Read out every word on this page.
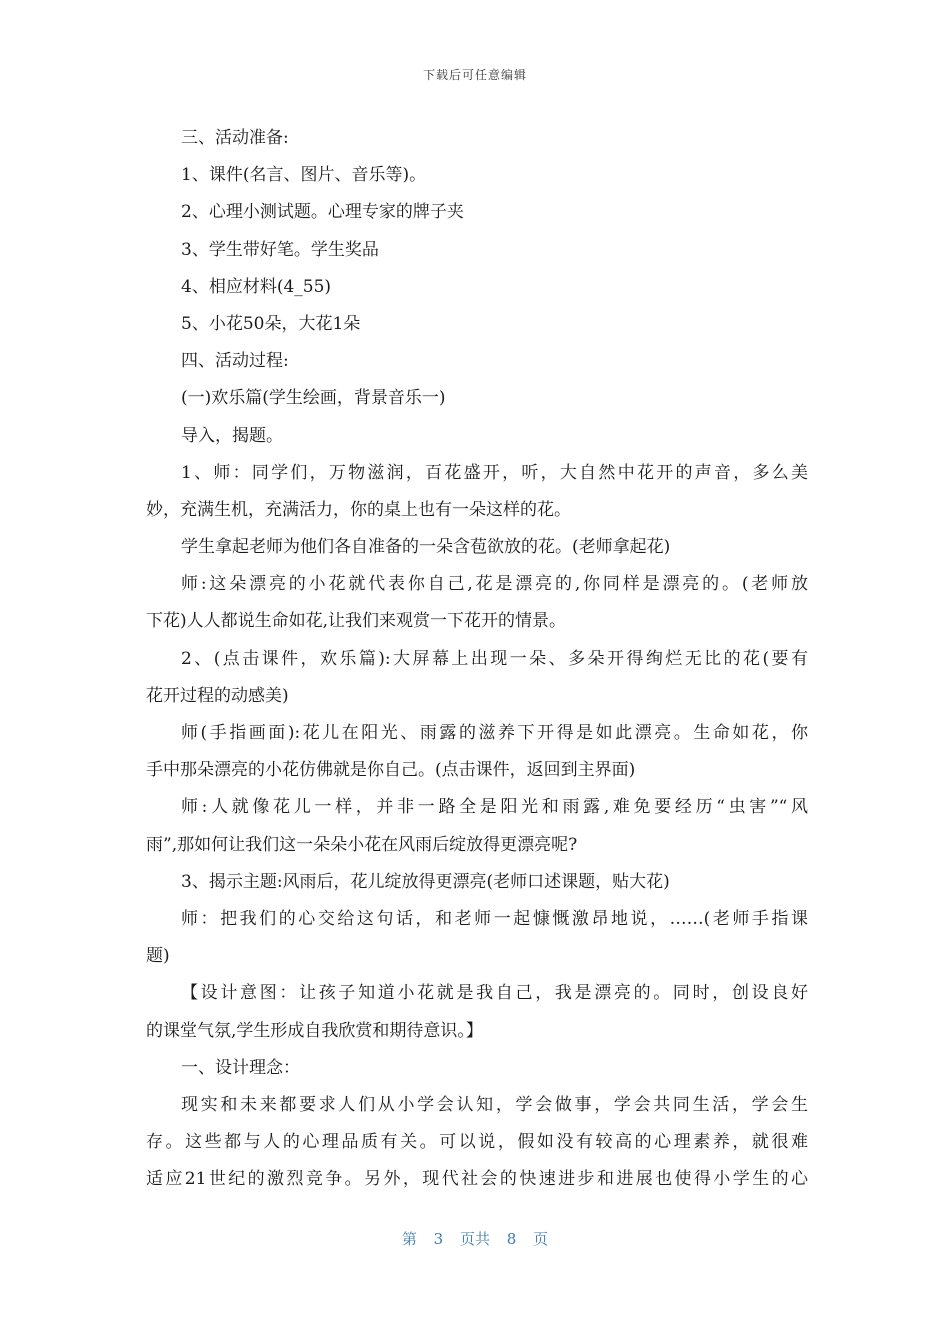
下载后可任意编辑
三、活动准备:
1、课件(名言、图片、音乐等)。
2、心理小测试题。心理专家的牌子夹
3、学生带好笔。学生奖品
4、相应材料(4_55)
5、小花50朵，大花1朵
四、活动过程:
(一)欢乐篇(学生绘画，背景音乐一)
导入，揭题。
1、师：同学们，万物滋润，百花盛开，听，大自然中花开的声音，多么美
妙，充满生机，充满活力，你的桌上也有一朵这样的花。
学生拿起老师为他们各自准备的一朵含苞欲放的花。(老师拿起花)
师:这朵漂亮的小花就代表你自己,花是漂亮的,你同样是漂亮的。(老师放
下花)人人都说生命如花,让我们来观赏一下花开的情景。
2、(点击课件，欢乐篇):大屏幕上出现一朵、多朵开得绚烂无比的花(要有
花开过程的动感美)
师(手指画面):花儿在阳光、雨露的滋养下开得是如此漂亮。生命如花，你
手中那朵漂亮的小花仿佛就是你自己。(点击课件，返回到主界面)
师:人就像花儿一样，并非一路全是阳光和雨露,难免要经历“虫害”“风
雨”,那如何让我们这一朵朵小花在风雨后绽放得更漂亮呢?
3、揭示主题:风雨后，花儿绽放得更漂亮(老师口述课题，贴大花)
师：把我们的心交给这句话，和老师一起慷慨激昂地说，……(老师手指课
题)
【设计意图：让孩子知道小花就是我自己，我是漂亮的。同时，创设良好
的课堂气氛,学生形成自我欣赏和期待意识。】
一、设计理念：
现实和未来都要求人们从小学会认知，学会做事，学会共同生活，学会生
存。这些都与人的心理品质有关。可以说，假如没有较高的心理素养，就很难
适应21世纪的激烈竞争。另外，现代社会的快速进步和进展也使得小学生的心
第 3 页共 8 页
